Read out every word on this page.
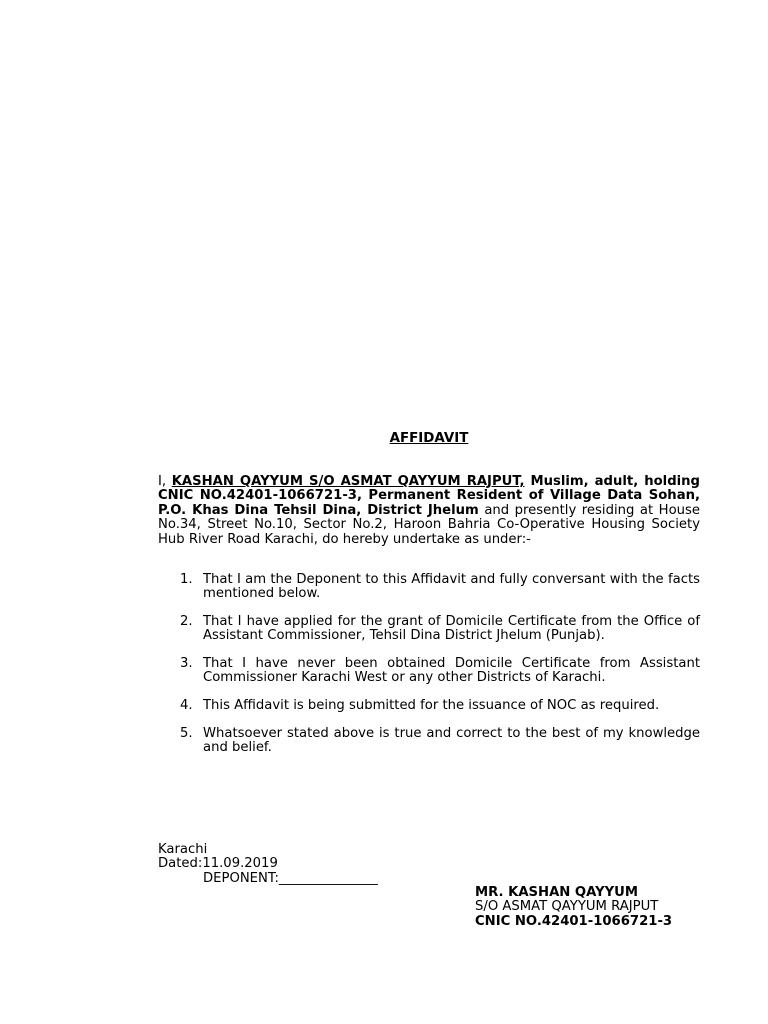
AFFIDAVIT
I, KASHAN QAYYUM S/O ASMAT QAYYUM RAJPUT, Muslim, adult, holding CNIC NO.42401-1066721-3, Permanent Resident of Village Data Sohan, P.O. Khas Dina Tehsil Dina, District Jhelum and presently residing at House No.34, Street No.10, Sector No.2, Haroon Bahria Co-Operative Housing Society Hub River Road Karachi, do hereby undertake as under:-
1. That I am the Deponent to this Affidavit and fully conversant with the facts mentioned below.
2. That I have applied for the grant of Domicile Certificate from the Office of Assistant Commissioner, Tehsil Dina District Jhelum (Punjab).
3. That I have never been obtained Domicile Certificate from Assistant Commissioner Karachi West or any other Districts of Karachi.
4. This Affidavit is being submitted for the issuance of NOC as required.
5. Whatsoever stated above is true and correct to the best of my knowledge and belief.
Karachi
Dated:11.09.2019
DEPONENT:_______________
MR. KASHAN QAYYUM
S/O ASMAT QAYYUM RAJPUT
CNIC NO.42401-1066721-3
